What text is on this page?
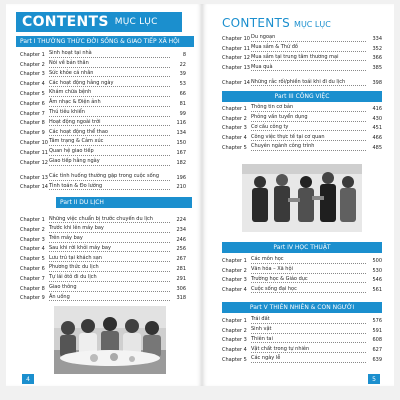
CONTENTS MỤC LỤC
Part I THƯỜNG THỨC ĐỜI SỐNG & GIAO TIẾP XÃ HỘI
Chapter 1 Sinh hoạt tại nhà	8
Chapter 2 Nói về bản thân	22
Chapter 3 Sức khỏe cá nhân	39
Chapter 4 Các hoạt động hằng ngày	53
Chapter 5 Khám chữa bệnh	66
Chapter 6 Âm nhạc & Điện ảnh	81
Chapter 7 Thú tiêu khiển	99
Chapter 8 Hoạt động ngoài trời	116
Chapter 9 Các hoạt động thể thao	134
Chapter 10 Tâm trạng & Cảm xúc	150
Chapter 11 Quan hệ giao tiếp	167
Chapter 12 Giao tiếp hằng ngày	182
Chapter 13 Các tình huống thường gặp trong cuộc sống	196
Chapter 14 Tình toán & Đo lường	210
Part II DU LỊCH
Chapter 1 Những việc chuẩn bị trước chuyến du lịch	224
Chapter 2 Trước khi lên máy bay	234
Chapter 3 Trên máy bay	246
Chapter 4 Sau khi rời khỏi máy bay	256
Chapter 5 Lưu trú tại khách sạn	267
Chapter 6 Phương thức du lịch	281
Chapter 7 Tự lái ôtô đi du lịch	291
Chapter 8 Giao thông	306
Chapter 9 Ăn uống	318
4
CONTENTS MỤC LỤC
Chapter 10 Du ngoạn	334
Chapter 11 Mua sắm & Thứ đồ	352
Chapter 12 Mua sắm tại trung tâm thương mại	366
Chapter 13 Mua quà	385
Chapter 14 Những rắc rối/phiền toái khi đi du lịch	398
Part III CÔNG VIỆC
Chapter 1 Thông tin cơ bản	416
Chapter 2 Phỏng vấn tuyển dụng	430
Chapter 3 Cơ cấu công ty	451
Chapter 4 Công việc thực tế tại cơ quan	466
Chapter 5 Chuyên ngành công trình	485
Part IV HỌC THUẬT
Chapter 1 Các môn học	500
Chapter 2 Văn hóa – Xã hội	530
Chapter 3 Trường học & Giáo dục	546
Chapter 4 Cuộc sống đại học	561
Part V THIÊN NHIÊN & CON NGƯỜI
Chapter 1 Trái đất	576
Chapter 2 Sinh vật	591
Chapter 3 Thiên tai	608
Chapter 4 Vật chất trong tự nhiên	627
Chapter 5 Các ngày lễ	639
5
